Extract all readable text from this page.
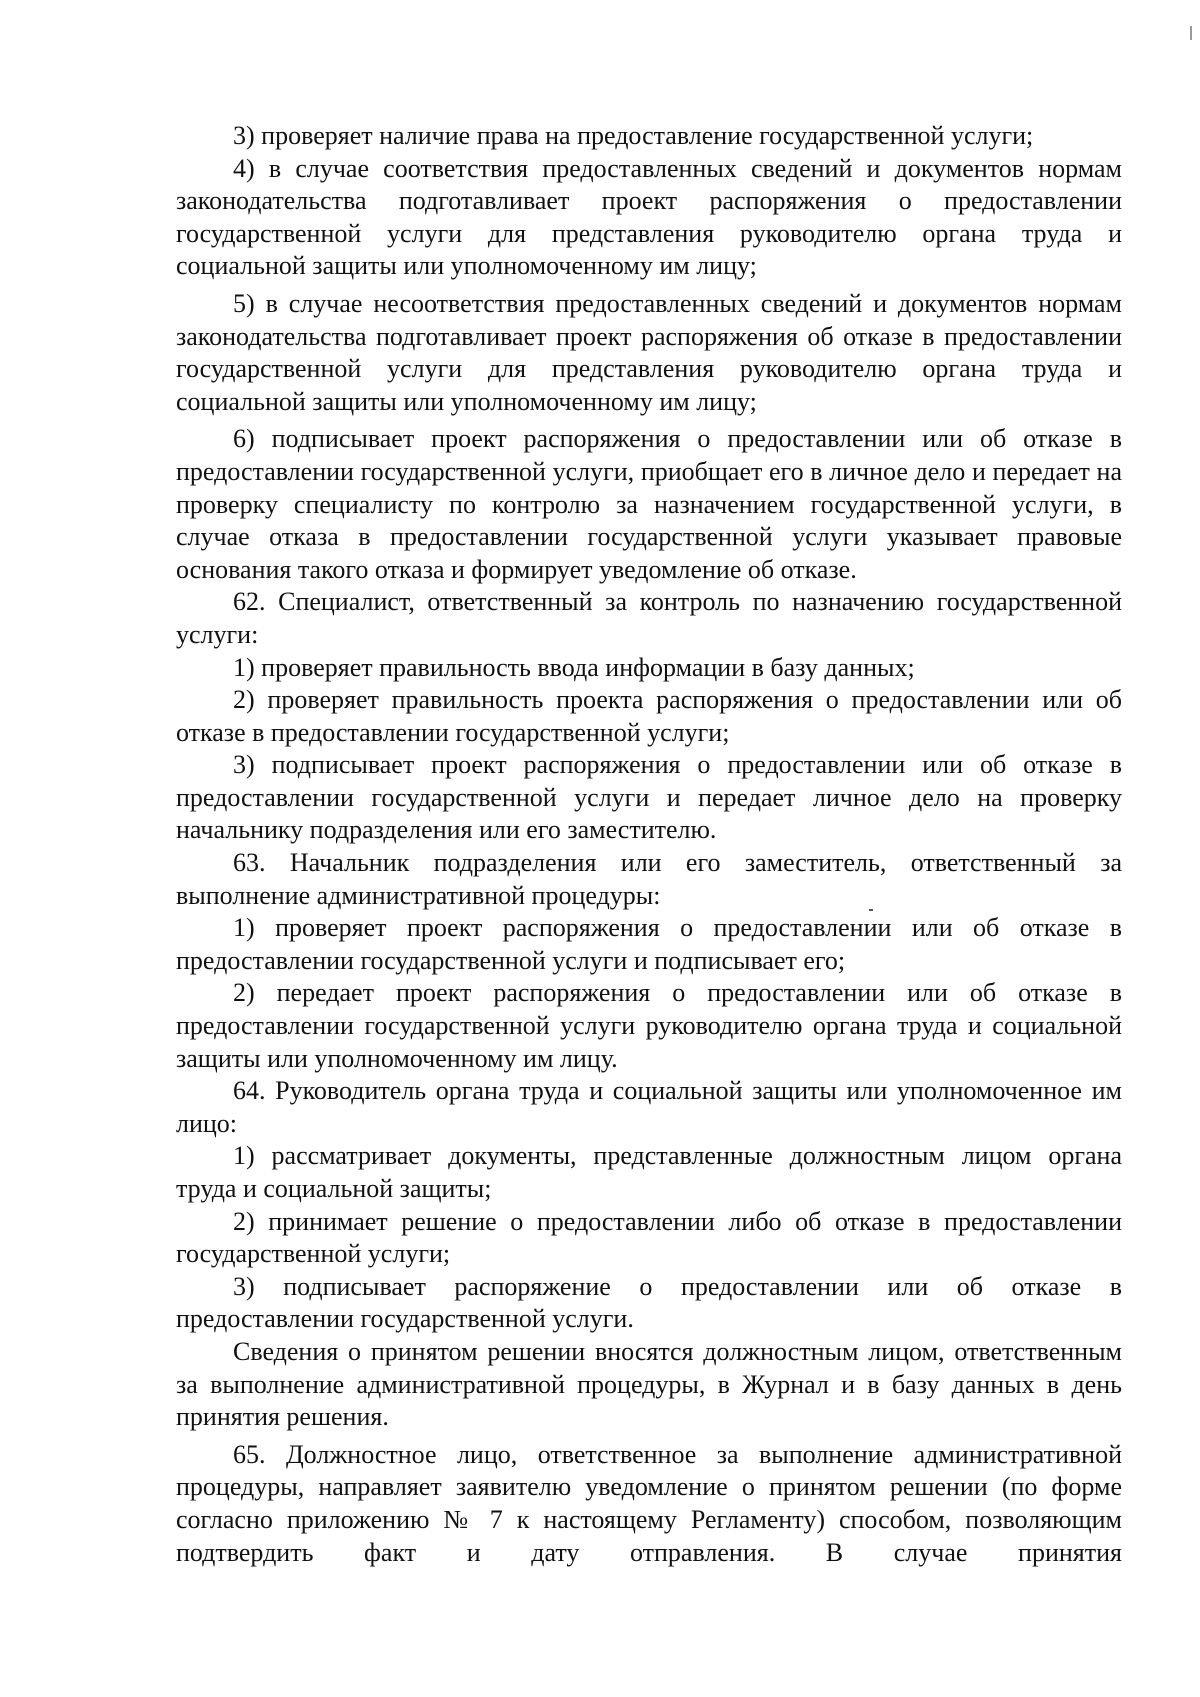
3) проверяет наличие права на предоставление государственной услуги;

4) в случае соответствия предоставленных сведений и документов нормам законодательства подготавливает проект распоряжения о предоставлении государственной услуги для представления руководителю органа труда и социальной защиты или уполномоченному им лицу;

5) в случае несоответствия предоставленных сведений и документов нормам законодательства подготавливает проект распоряжения об отказе в предоставлении государственной услуги для представления руководителю органа труда и социальной защиты или уполномоченному им лицу;

6) подписывает проект распоряжения о предоставлении или об отказе в предоставлении государственной услуги, приобщает его в личное дело и передает на проверку специалисту по контролю за назначением государственной услуги, в случае отказа в предоставлении государственной услуги указывает правовые основания такого отказа и формирует уведомление об отказе.

62. Специалист, ответственный за контроль по назначению государственной услуги:

1) проверяет правильность ввода информации в базу данных;

2) проверяет правильность проекта распоряжения о предоставлении или об отказе в предоставлении государственной услуги;

3) подписывает проект распоряжения о предоставлении или об отказе в предоставлении государственной услуги и передает личное дело на проверку начальнику подразделения или его заместителю.

63. Начальник подразделения или его заместитель, ответственный за выполнение административной процедуры:

1) проверяет проект распоряжения о предоставлении или об отказе в предоставлении государственной услуги и подписывает его;

2) передает проект распоряжения о предоставлении или об отказе в предоставлении государственной услуги руководителю органа труда и социальной защиты или уполномоченному им лицу.

64. Руководитель органа труда и социальной защиты или уполномоченное им лицо:

1) рассматривает документы, представленные должностным лицом органа труда и социальной защиты;

2) принимает решение о предоставлении либо об отказе в предоставлении государственной услуги;

3) подписывает распоряжение о предоставлении или об отказе в предоставлении государственной услуги.

Сведения о принятом решении вносятся должностным лицом, ответственным за выполнение административной процедуры, в Журнал и в базу данных в день принятия решения.

65. Должностное лицо, ответственное за выполнение административной процедуры, направляет заявителю уведомление о принятом решении (по форме согласно приложению № 7 к настоящему Регламенту) способом, позволяющим подтвердить факт и дату отправления. В случае принятия
